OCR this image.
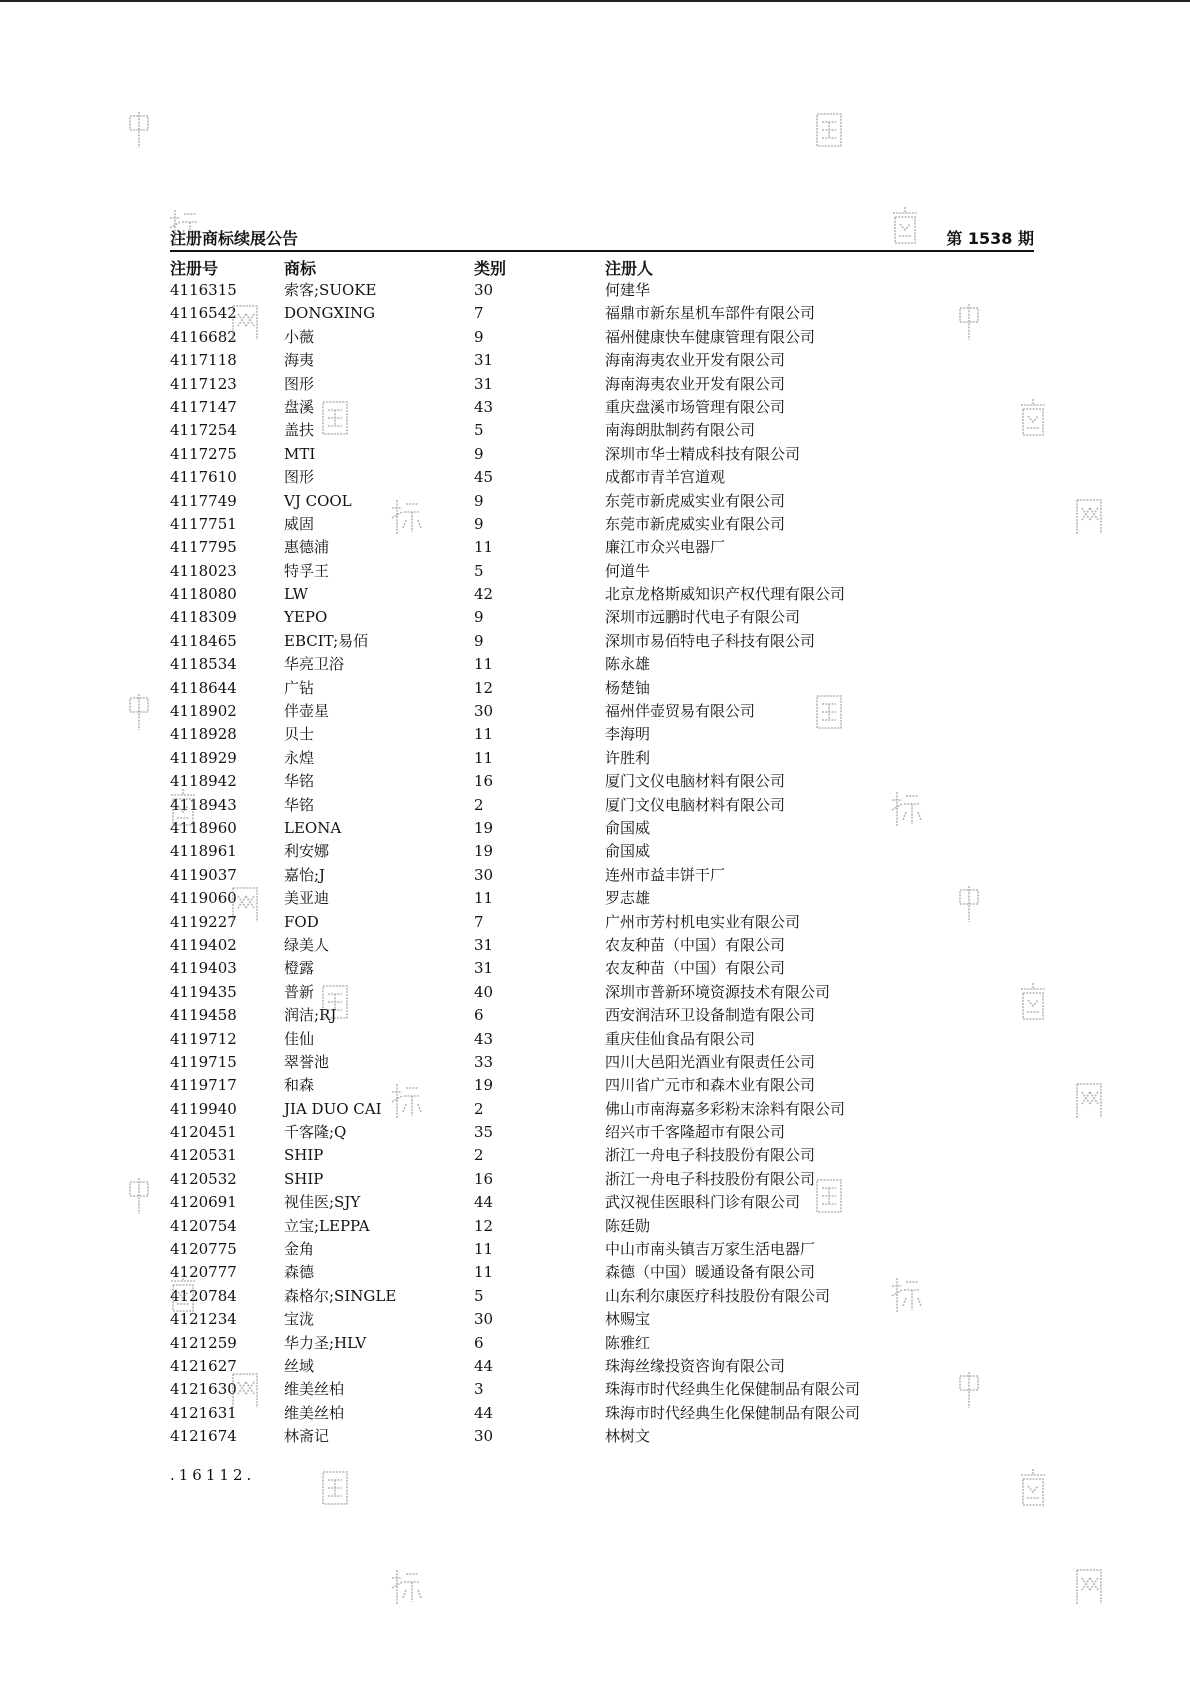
注册商标续展公告	第 1538 期
注册号	商标	类别	注册人
4116315	索客;SUOKE	30	何建华
4116542	DONGXING	7	福鼎市新东星机车部件有限公司
4116682	小薇	9	福州健康快车健康管理有限公司
4117118	海夷	31	海南海夷农业开发有限公司
4117123	图形	31	海南海夷农业开发有限公司
4117147	盘溪	43	重庆盘溪市场管理有限公司
4117254	盖扶	5	南海朗肽制药有限公司
4117275	MTI	9	深圳市华士精成科技有限公司
4117610	图形	45	成都市青羊宫道观
4117749	VJ COOL	9	东莞市新虎威实业有限公司
4117751	威固	9	东莞市新虎威实业有限公司
4117795	惠德浦	11	廉江市众兴电器厂
4118023	特孚王	5	何道牛
4118080	LW	42	北京龙格斯威知识产权代理有限公司
4118309	YEPO	9	深圳市远鹏时代电子有限公司
4118465	EBCIT;易佰	9	深圳市易佰特电子科技有限公司
4118534	华亮卫浴	11	陈永雄
4118644	广钻	12	杨楚铀
4118902	伴壶星	30	福州伴壶贸易有限公司
4118928	贝士	11	李海明
4118929	永煌	11	许胜利
4118942	华铭	16	厦门文仪电脑材料有限公司
4118943	华铭	2	厦门文仪电脑材料有限公司
4118960	LEONA	19	俞国威
4118961	利安娜	19	俞国威
4119037	嘉怡;J	30	连州市益丰饼干厂
4119060	美亚迪	11	罗志雄
4119227	FOD	7	广州市芳村机电实业有限公司
4119402	绿美人	31	农友种苗（中国）有限公司
4119403	橙露	31	农友种苗（中国）有限公司
4119435	普新	40	深圳市普新环境资源技术有限公司
4119458	润洁;RJ	6	西安润洁环卫设备制造有限公司
4119712	佳仙	43	重庆佳仙食品有限公司
4119715	翠誉池	33	四川大邑阳光酒业有限责任公司
4119717	和森	19	四川省广元市和森木业有限公司
4119940	JIA DUO CAI	2	佛山市南海嘉多彩粉末涂料有限公司
4120451	千客隆;Q	35	绍兴市千客隆超市有限公司
4120531	SHIP	2	浙江一舟电子科技股份有限公司
4120532	SHIP	16	浙江一舟电子科技股份有限公司
4120691	视佳医;SJY	44	武汉视佳医眼科门诊有限公司
4120754	立宝;LEPPA	12	陈廷勋
4120775	金角	11	中山市南头镇吉万家生活电器厂
4120777	森德	11	森德（中国）暖通设备有限公司
4120784	森格尔;SINGLE	5	山东利尔康医疗科技股份有限公司
4121234	宝泷	30	林赐宝
4121259	华力圣;HLV	6	陈雅红
4121627	丝域	44	珠海丝缘投资咨询有限公司
4121630	维美丝柏	3	珠海市时代经典生化保健制品有限公司
4121631	维美丝柏	44	珠海市时代经典生化保健制品有限公司
4121674	林斋记	30	林树文
.16112.
